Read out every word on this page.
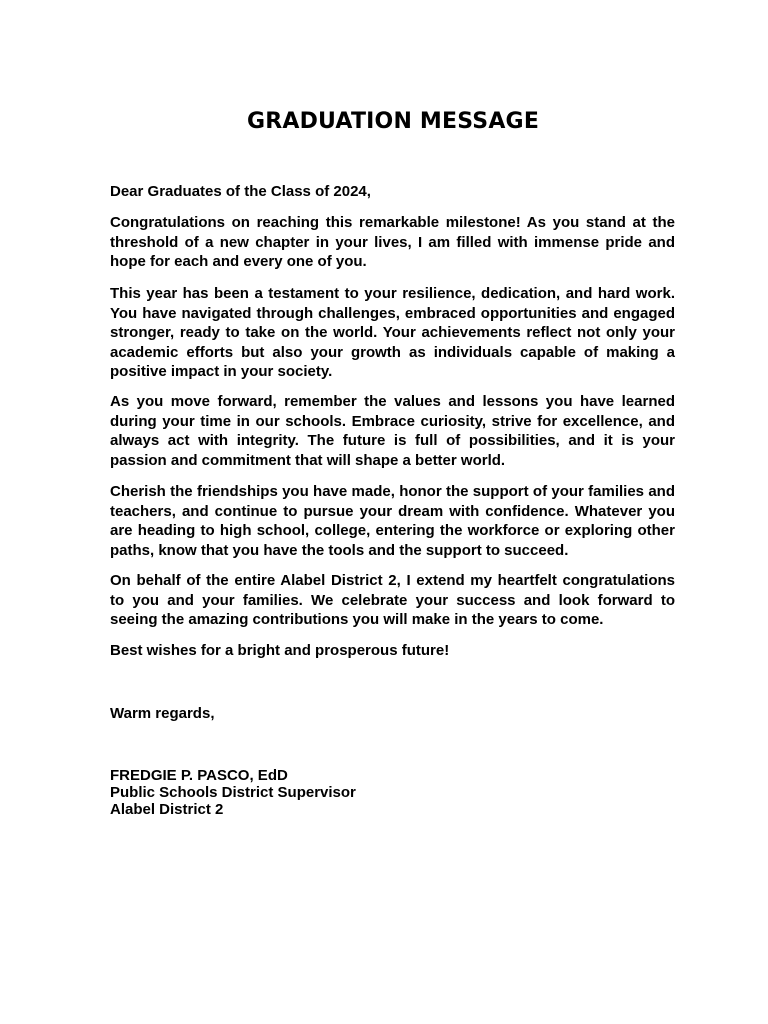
GRADUATION MESSAGE
Dear Graduates of the Class of 2024,
Congratulations on reaching this remarkable milestone! As you stand at the threshold of a new chapter in your lives, I am filled with immense pride and hope for each and every one of you.
This year has been a testament to your resilience, dedication, and hard work. You have navigated through challenges, embraced opportunities and engaged stronger, ready to take on the world. Your achievements reflect not only your academic efforts but also your growth as individuals capable of making a positive impact in your society.
As you move forward, remember the values and lessons you have learned during your time in our schools. Embrace curiosity, strive for excellence, and always act with integrity. The future is full of possibilities, and it is your passion and commitment that will shape a better world.
Cherish the friendships you have made, honor the support of your families and teachers, and continue to pursue your dream with confidence. Whatever you are heading to high school, college, entering the workforce or exploring other paths, know that you have the tools and the support to succeed.
On behalf of the entire Alabel District 2, I extend my heartfelt congratulations to you and your families. We celebrate your success and look forward to seeing the amazing contributions you will make in the years to come.
Best wishes for a bright and prosperous future!
Warm regards,
FREDGIE P. PASCO, EdD
Public Schools District Supervisor
Alabel District 2
